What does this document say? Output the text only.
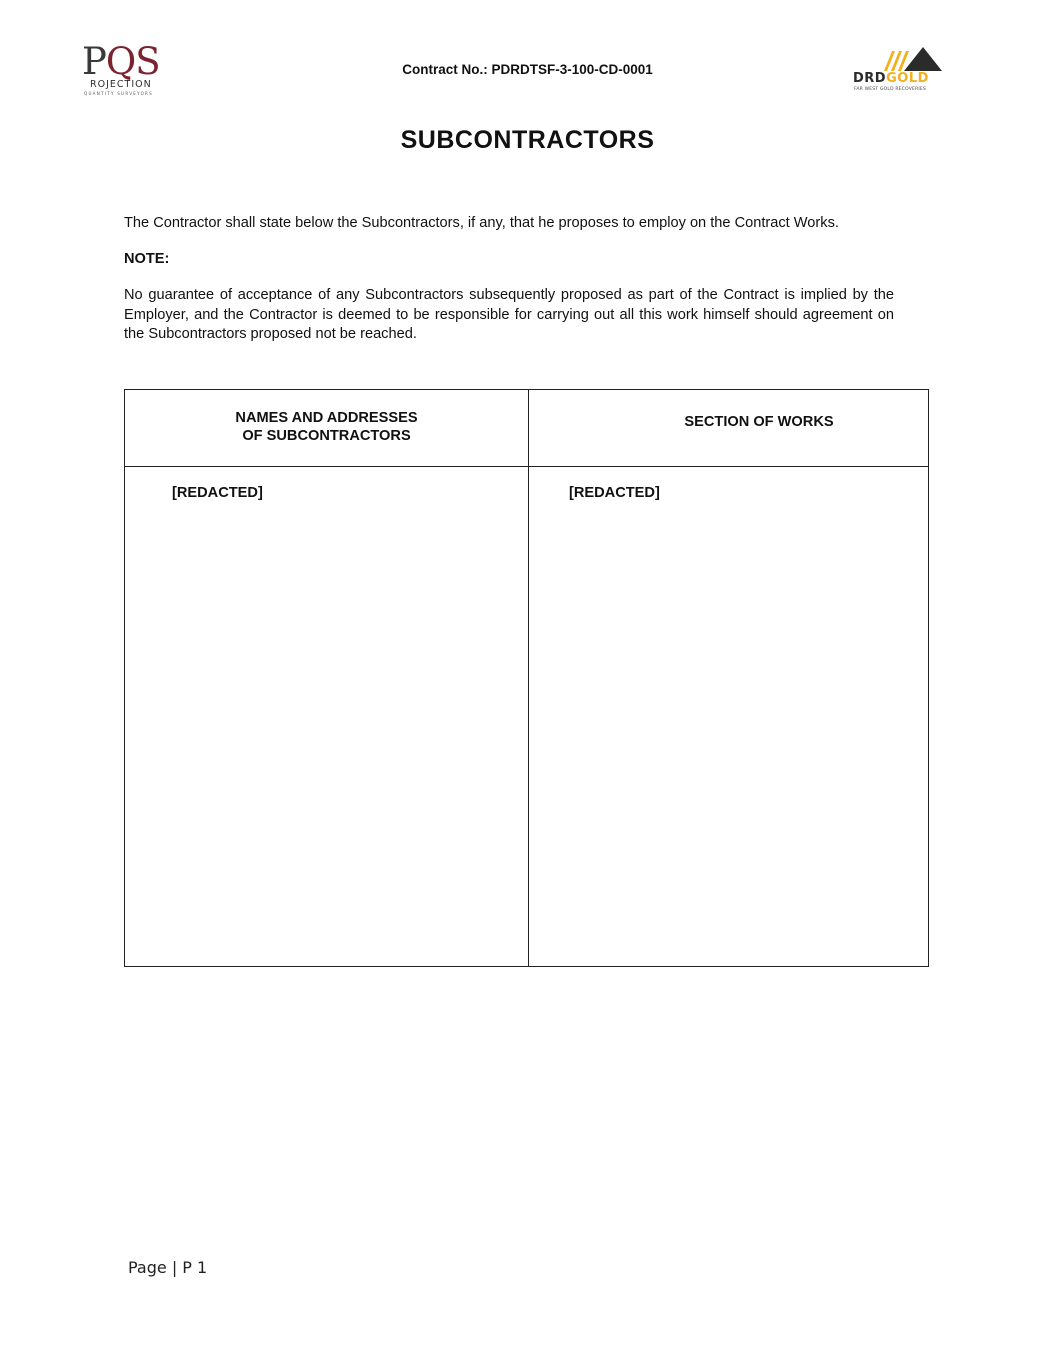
PQS
ROJECTION
QUANTITY SURVEYORS
Contract No.: PDRDTSF-3-100-CD-0001
DRDGOLD
FAR WEST GOLD RECOVERIES
SUBCONTRACTORS
The Contractor shall state below the Subcontractors, if any, that he proposes to employ on the Contract Works.
NOTE:
No guarantee of acceptance of any Subcontractors subsequently proposed as part of the Contract is implied by the Employer, and the Contractor is deemed to be responsible for carrying out all this work himself should agreement on the Subcontractors proposed not be reached.
NAMES AND ADDRESSES
OF SUBCONTRACTORS
SECTION OF WORKS
[REDACTED]	[REDACTED]
Page | P 1
